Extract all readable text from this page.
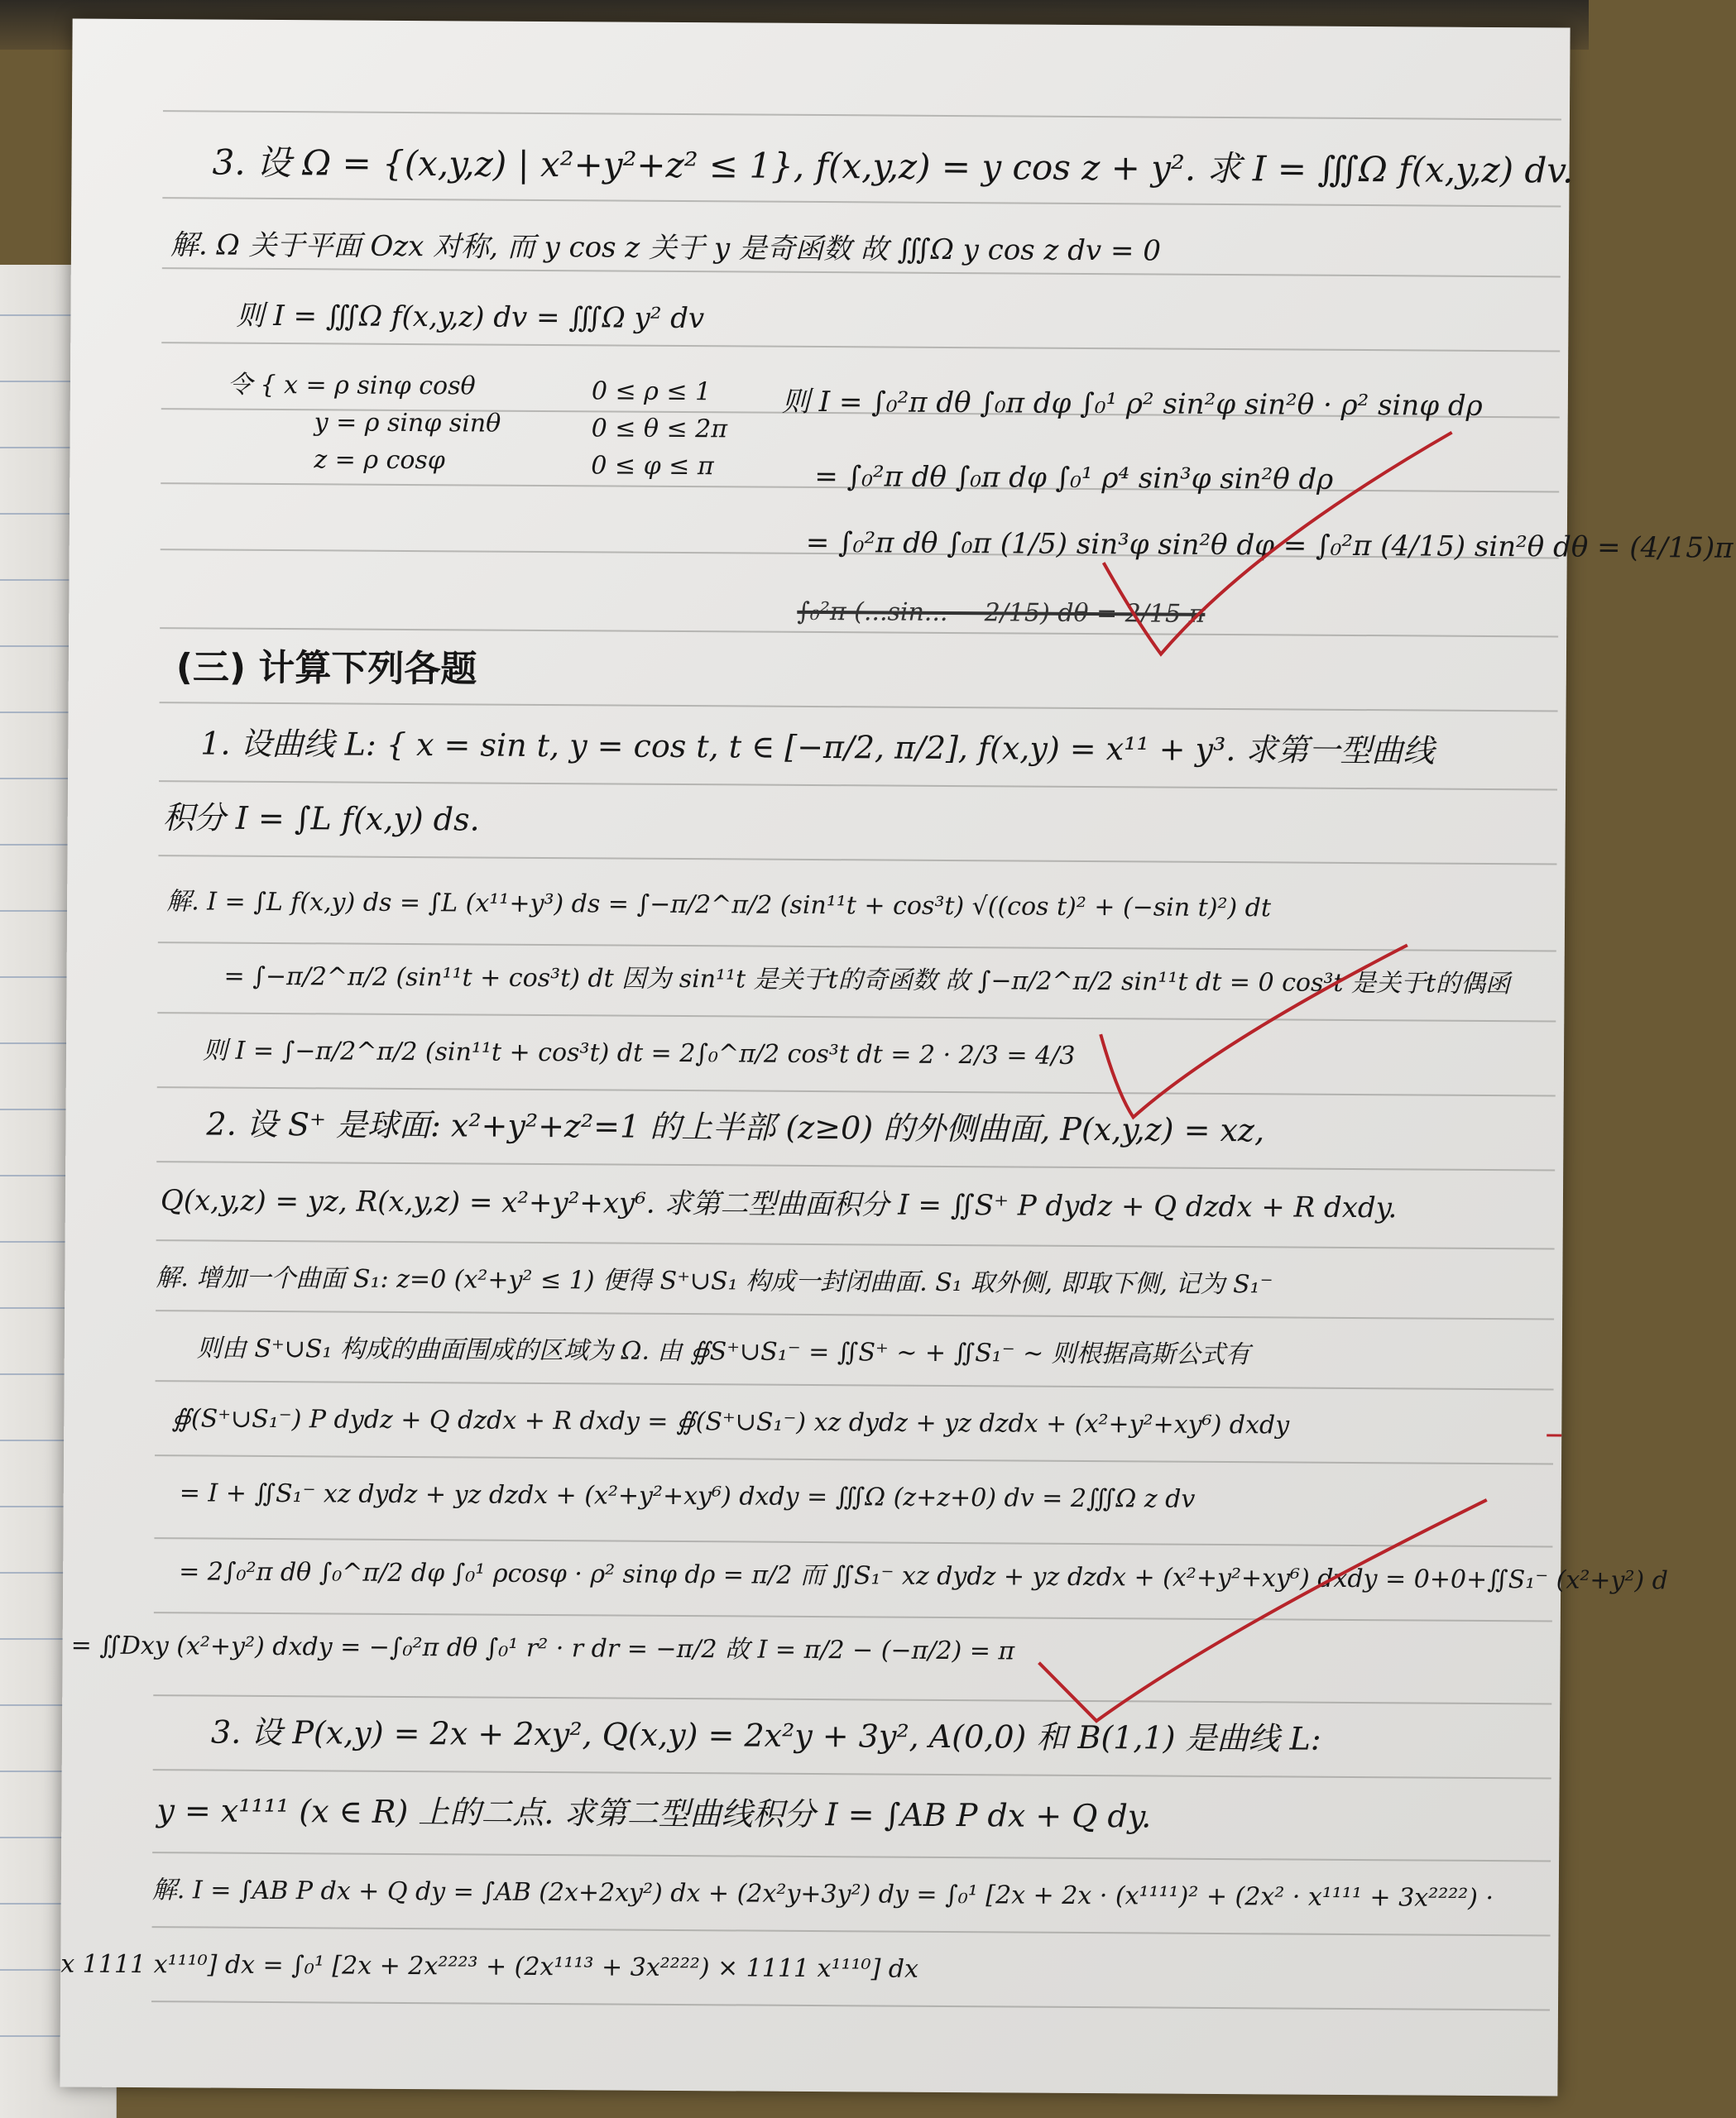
3. 设 Ω = {(x,y,z) | x²+y²+z² ≤ 1}, f(x,y,z) = y cos z + y². 求 I = ∭Ω f(x,y,z) dv.
解. Ω 关于平面 Ozx 对称, 而 y cos z 关于 y 是奇函数 故 ∭Ω y cos z dv = 0
则 I = ∭Ω f(x,y,z) dv = ∭Ω y² dv
令 { x = ρ sinφ cosθ
y = ρ sinφ sinθ
z = ρ cosφ
0 ≤ ρ ≤ 1
0 ≤ θ ≤ 2π
0 ≤ φ ≤ π
则 I = ∫₀²π dθ ∫₀π dφ ∫₀¹ ρ² sin²φ sin²θ · ρ² sinφ dρ
= ∫₀²π dθ ∫₀π dφ ∫₀¹ ρ⁴ sin³φ sin²θ dρ
= ∫₀²π dθ ∫₀π (1/5) sin³φ sin²θ dφ = ∫₀²π (4/15) sin²θ dθ = (4/15)π
∫₀²π (...sin... − 2/15) dθ = 2/15 π
(三) 计算下列各题
1. 设曲线 L: { x = sin t, y = cos t, t ∈ [−π/2, π/2], f(x,y) = x¹¹ + y³. 求第一型曲线
积分 I = ∫L f(x,y) ds.
解. I = ∫L f(x,y) ds = ∫L (x¹¹+y³) ds = ∫−π/2^π/2 (sin¹¹t + cos³t) √((cos t)² + (−sin t)²) dt
= ∫−π/2^π/2 (sin¹¹t + cos³t) dt 因为 sin¹¹t 是关于t的奇函数 故 ∫−π/2^π/2 sin¹¹t dt = 0 cos³t 是关于t的偶函
则 I = ∫−π/2^π/2 (sin¹¹t + cos³t) dt = 2∫₀^π/2 cos³t dt = 2 · 2/3 = 4/3
2. 设 S⁺ 是球面: x²+y²+z²=1 的上半部 (z≥0) 的外侧曲面, P(x,y,z) = xz,
Q(x,y,z) = yz, R(x,y,z) = x²+y²+xy⁶. 求第二型曲面积分 I = ∬S⁺ P dydz + Q dzdx + R dxdy.
解. 增加一个曲面 S₁: z=0 (x²+y² ≤ 1) 便得 S⁺∪S₁ 构成一封闭曲面. S₁ 取外侧, 即取下侧, 记为 S₁⁻
则由 S⁺∪S₁ 构成的曲面围成的区域为 Ω. 由 ∯S⁺∪S₁⁻ = ∬S⁺ ~ + ∬S₁⁻ ~ 则根据高斯公式有
∯(S⁺∪S₁⁻) P dydz + Q dzdx + R dxdy = ∯(S⁺∪S₁⁻) xz dydz + yz dzdx + (x²+y²+xy⁶) dxdy
= I + ∬S₁⁻ xz dydz + yz dzdx + (x²+y²+xy⁶) dxdy = ∭Ω (z+z+0) dv = 2∭Ω z dv
= 2∫₀²π dθ ∫₀^π/2 dφ ∫₀¹ ρcosφ · ρ² sinφ dρ = π/2 而 ∬S₁⁻ xz dydz + yz dzdx + (x²+y²+xy⁶) dxdy = 0+0+∬S₁⁻ (x²+y²) d
= ∬Dxy (x²+y²) dxdy = −∫₀²π dθ ∫₀¹ r² · r dr = −π/2 故 I = π/2 − (−π/2) = π
3. 设 P(x,y) = 2x + 2xy², Q(x,y) = 2x²y + 3y², A(0,0) 和 B(1,1) 是曲线 L:
y = x¹¹¹¹ (x ∈ R) 上的二点. 求第二型曲线积分 I = ∫AB P dx + Q dy.
解. I = ∫AB P dx + Q dy = ∫AB (2x+2xy²) dx + (2x²y+3y²) dy = ∫₀¹ [2x + 2x · (x¹¹¹¹)² + (2x² · x¹¹¹¹ + 3x²²²²) ·
x 1111 x¹¹¹⁰] dx = ∫₀¹ [2x + 2x²²²³ + (2x¹¹¹³ + 3x²²²²) × 1111 x¹¹¹⁰] dx
